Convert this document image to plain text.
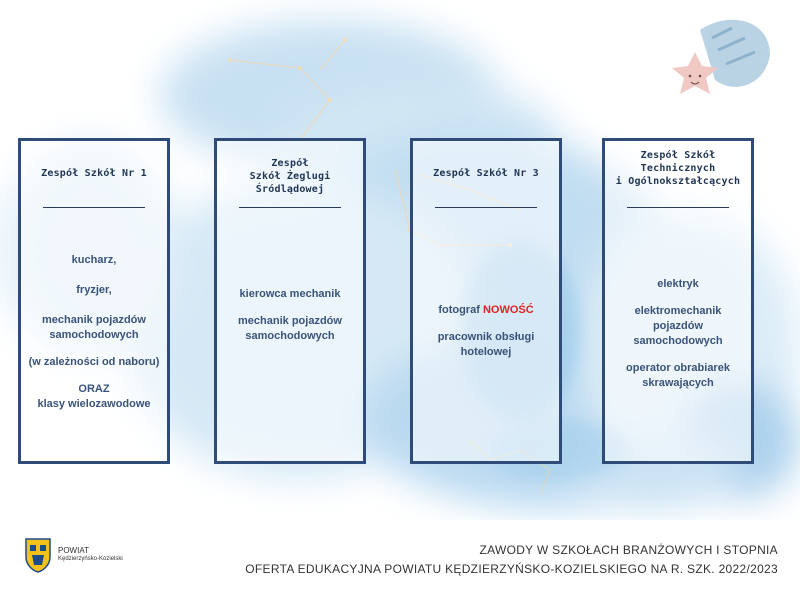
Zespół Szkół Nr 1
kucharz,
fryzjer,
mechanik pojazdów
samochodowych
(w zależności od naboru)
ORAZ
klasy wielozawodowe
Zespół
Szkół Żeglugi Śródlądowej
kierowca mechanik
mechanik pojazdów
samochodowych
Zespół Szkół Nr 3
fotograf NOWOŚĆ
pracownik obsługi
hotelowej
Zespół Szkół
Technicznych
i Ogólnokształcących
elektryk
elektromechanik pojazdów
samochodowych
operator obrabiarek
skrawających
POWIAT
Kędzierzyńsko-Kozielski
ZAWODY W SZKOŁACH BRANŻOWYCH I STOPNIA
OFERTA EDUKACYJNA POWIATU KĘDZIERZYŃSKO-KOZIELSKIEGO NA R. SZK. 2022/2023
